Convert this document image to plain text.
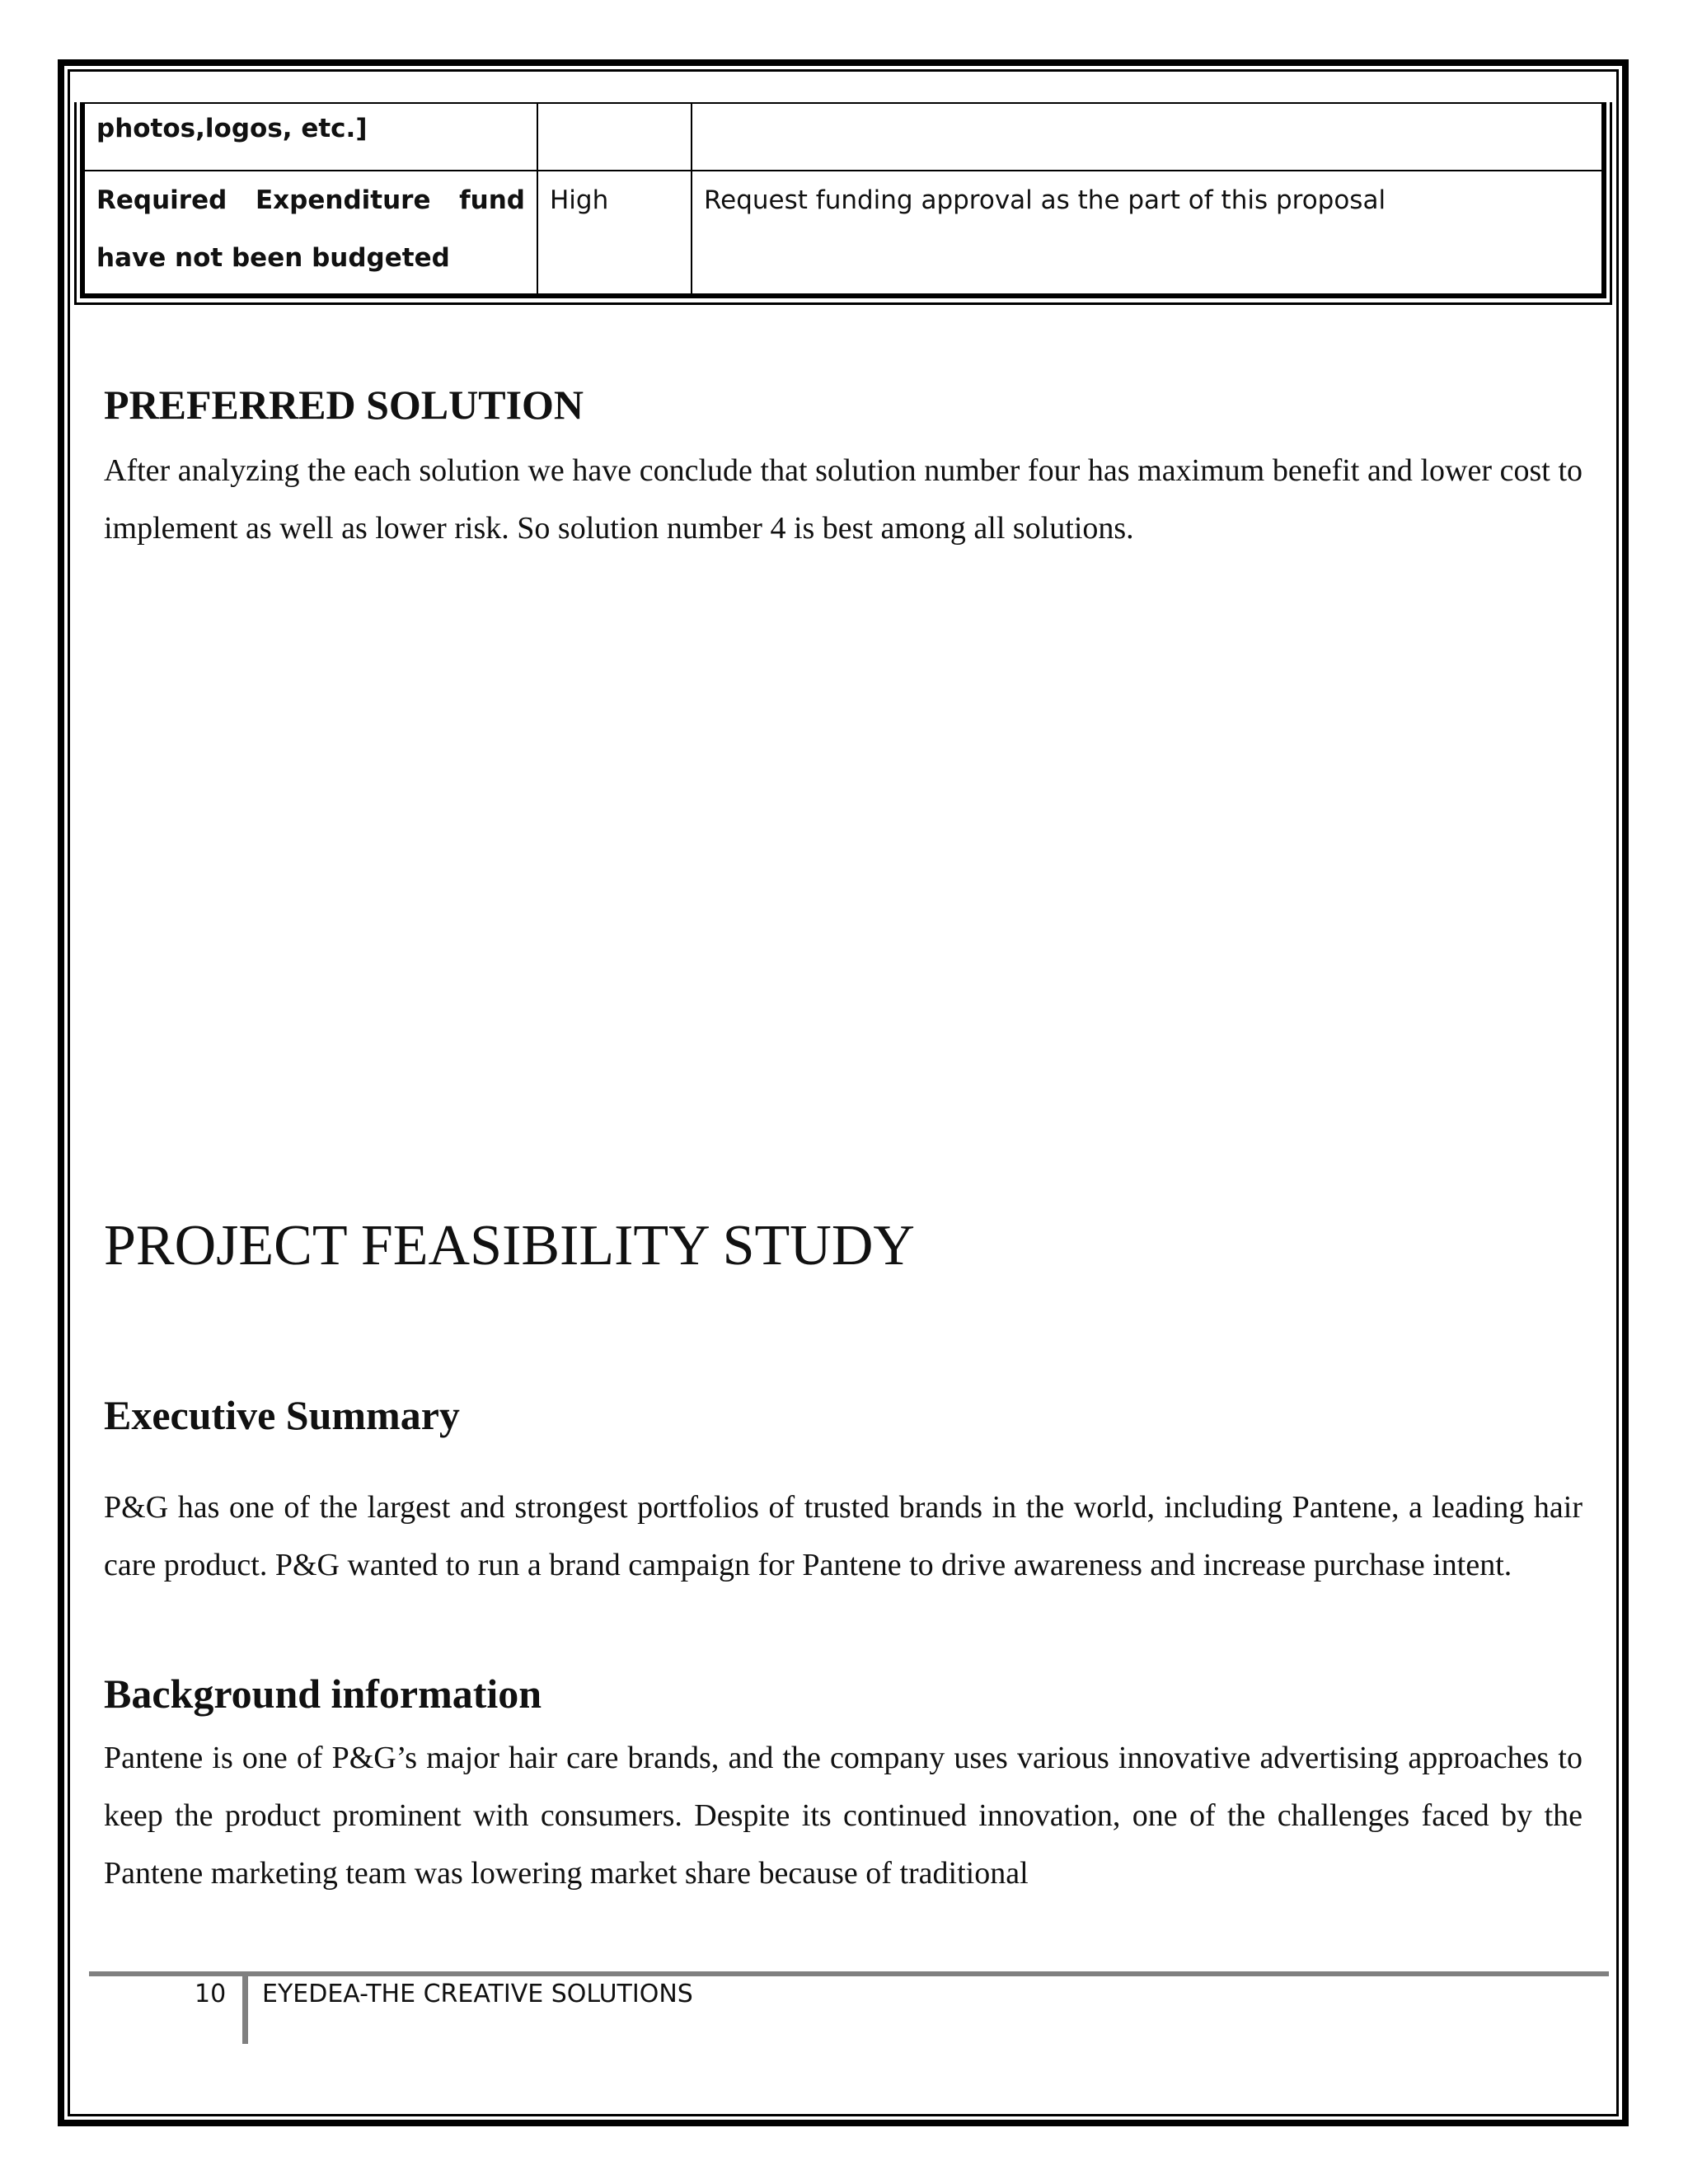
photos,logos, etc.]		
Required Expenditure fund have not been budgeted	High	Request funding approval as the part of this proposal
PREFERRED SOLUTION

After analyzing the each solution we have conclude that solution number four has maximum benefit and lower cost to implement as well as lower risk. So solution number 4 is best among all solutions.

PROJECT FEASIBILITY STUDY
Executive Summary

P&G has one of the largest and strongest portfolios of trusted brands in the world, including Pantene, a leading hair care product. P&G wanted to run a brand campaign for Pantene to drive awareness and increase purchase intent.

Background information

Pantene is one of P&G’s major hair care brands, and the company uses various innovative advertising approaches to keep the product prominent with consumers. Despite its continued innovation, one of the challenges faced by the Pantene marketing team was lowering market share because of traditional

10 EYEDEA-THE CREATIVE SOLUTIONS
